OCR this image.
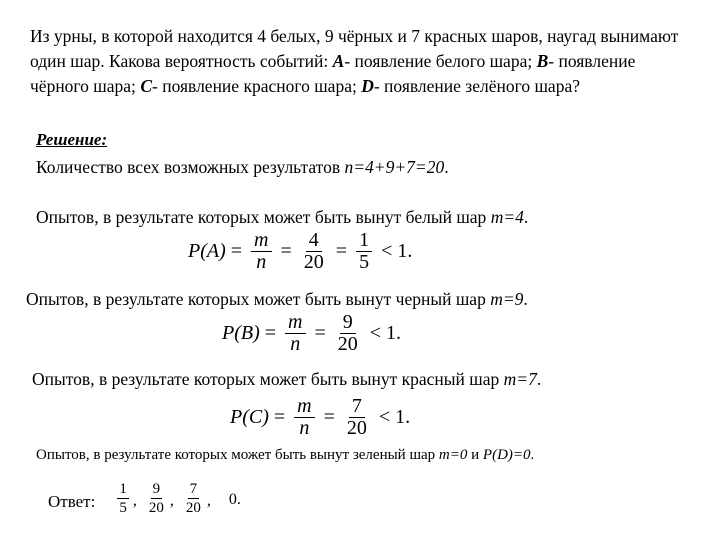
Из урны, в которой находится 4 белых, 9 чёрных и 7 красных шаров, наугад вынимают один шар. Какова вероятность событий: A- появление белого шара; B- появление чёрного шара; C- появление красного шара; D- появление зелёного шара?

Решение:
Количество всех возможных результатов n=4+9+7=20.
Опытов, в результате которых может быть вынут белый шар m=4.
$P(A) = \frac{m}{n} = \frac{4}{20} = \frac{1}{5} < 1$.
Опытов, в результате которых может быть вынут черный шар m=9.
$P(B) = \frac{m}{n} = \frac{9}{20} < 1$.
Опытов, в результате которых может быть вынут красный шар m=7.
$P(C) = \frac{m}{n} = \frac{7}{20} < 1$.
Опытов, в результате которых может быть вынут зеленый шар m=0 и P(D)=0.
Ответ: $\frac{1}{5}$ , $\frac{9}{20}$ , $\frac{7}{20}$ , 0.
